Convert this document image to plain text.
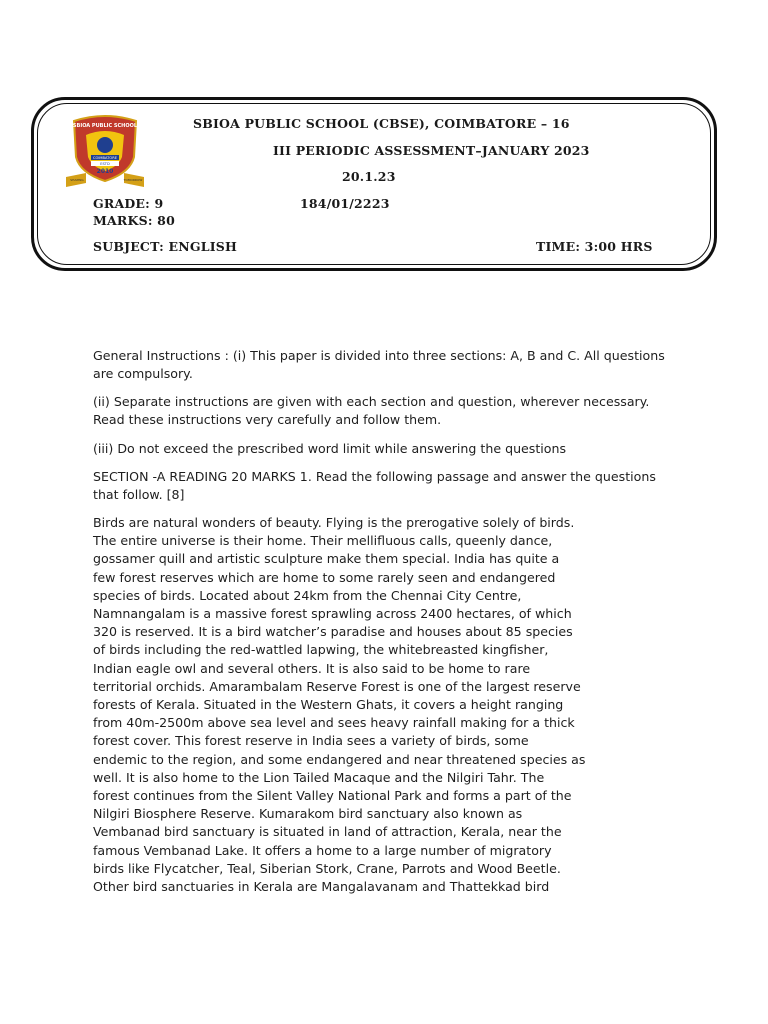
SBIOA PUBLIC SCHOOL
COIMBATORE
ESTD
2010
SHAPING	TOMORROW
SBIOA PUBLIC SCHOOL (CBSE), COIMBATORE – 16
III PERIODIC ASSESSMENT–JANUARY 2023
20.1.23
GRADE: 9	184/01/2223
MARKS: 80
SUBJECT: ENGLISH	TIME: 3:00 HRS

General Instructions : (i) This paper is divided into three sections: A, B and C. All questions are compulsory.

(ii) Separate instructions are given with each section and question, wherever necessary. Read these instructions very carefully and follow them.

(iii) Do not exceed the prescribed word limit while answering the questions

SECTION -A READING 20 MARKS 1. Read the following passage and answer the questions that follow. [8]

Birds are natural wonders of beauty. Flying is the prerogative solely of birds.
The entire universe is their home. Their mellifluous calls, queenly dance,
gossamer quill and artistic sculpture make them special. India has quite a
few forest reserves which are home to some rarely seen and endangered
species of birds. Located about 24km from the Chennai City Centre,
Namnangalam is a massive forest sprawling across 2400 hectares, of which
320 is reserved. It is a bird watcher’s paradise and houses about 85 species
of birds including the red-wattled lapwing, the whitebreasted kingfisher,
Indian eagle owl and several others. It is also said to be home to rare
territorial orchids. Amarambalam Reserve Forest is one of the largest reserve
forests of Kerala. Situated in the Western Ghats, it covers a height ranging
from 40m-2500m above sea level and sees heavy rainfall making for a thick
forest cover. This forest reserve in India sees a variety of birds, some
endemic to the region, and some endangered and near threatened species as
well. It is also home to the Lion Tailed Macaque and the Nilgiri Tahr. The
forest continues from the Silent Valley National Park and forms a part of the
Nilgiri Biosphere Reserve. Kumarakom bird sanctuary also known as
Vembanad bird sanctuary is situated in land of attraction, Kerala, near the
famous Vembanad Lake. It offers a home to a large number of migratory
birds like Flycatcher, Teal, Siberian Stork, Crane, Parrots and Wood Beetle.
Other bird sanctuaries in Kerala are Mangalavanam and Thattekkad bird
